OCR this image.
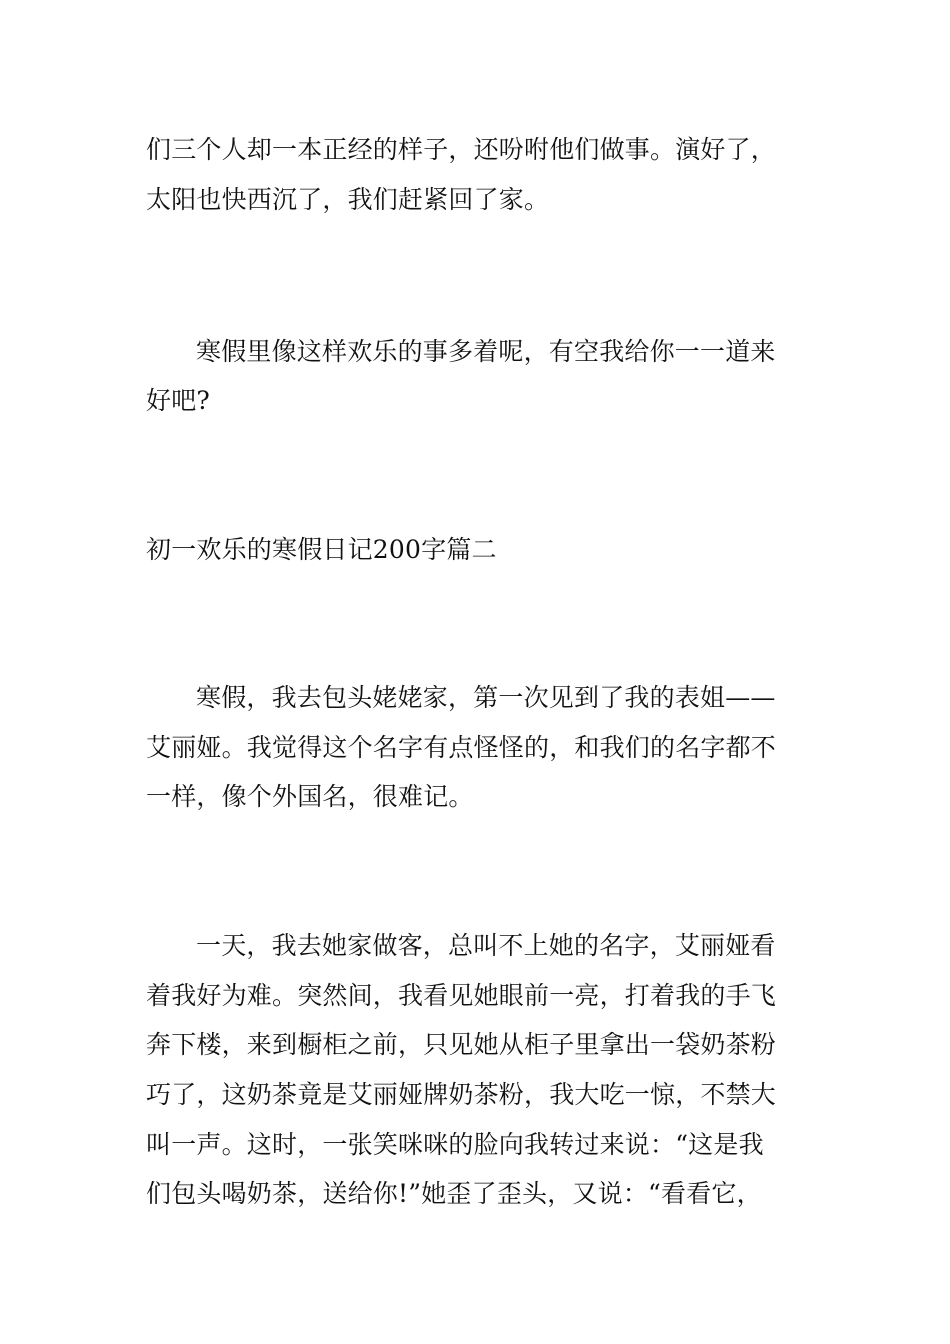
们三个人却一本正经的样子，还吩咐他们做事。演好了，
太阳也快西沉了，我们赶紧回了家。
寒假里像这样欢乐的事多着呢，有空我给你一一道来
好吧?
初一欢乐的寒假日记200字篇二
寒假，我去包头姥姥家，第一次见到了我的表姐——
艾丽娅。我觉得这个名字有点怪怪的，和我们的名字都不
一样，像个外国名，很难记。
一天，我去她家做客，总叫不上她的名字，艾丽娅看
着我好为难。突然间，我看见她眼前一亮，打着我的手飞
奔下楼，来到橱柜之前，只见她从柜子里拿出一袋奶茶粉
巧了，这奶茶竟是艾丽娅牌奶茶粉，我大吃一惊，不禁大
叫一声。这时，一张笑咪咪的脸向我转过来说：“这是我
们包头喝奶茶，送给你!”她歪了歪头，又说：“看看它，
